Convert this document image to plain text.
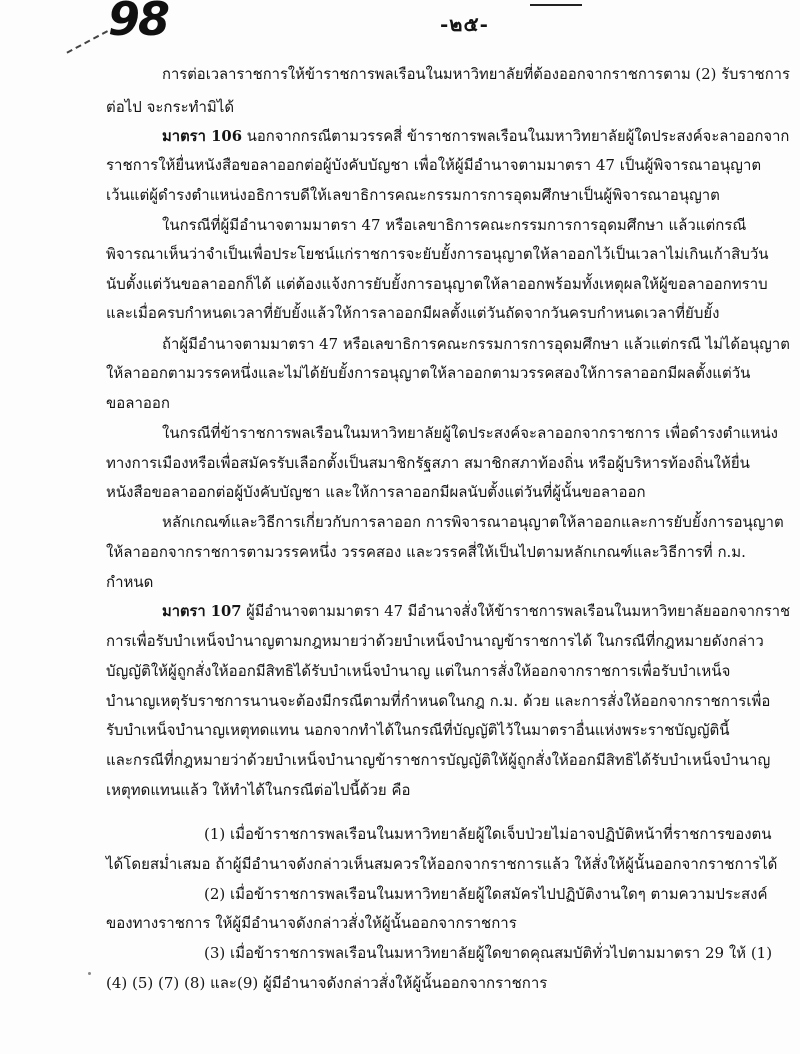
98	-๒๕-
การต่อเวลาราชการให้ข้าราชการพลเรือนในมหาวิทยาลัยที่ต้องออกจากราชการตาม (2) รับราชการ
ต่อไป จะกระทำมิได้
มาตรา 106 นอกจากกรณีตามวรรคสี่ ข้าราชการพลเรือนในมหาวิทยาลัยผู้ใดประสงค์จะลาออกจาก
ราชการให้ยื่นหนังสือขอลาออกต่อผู้บังคับบัญชา เพื่อให้ผู้มีอำนาจตามมาตรา 47 เป็นผู้พิจารณาอนุญาต
เว้นแต่ผู้ดำรงตำแหน่งอธิการบดีให้เลขาธิการคณะกรรมการการอุดมศึกษาเป็นผู้พิจารณาอนุญาต
ในกรณีที่ผู้มีอำนาจตามมาตรา 47 หรือเลขาธิการคณะกรรมการการอุดมศึกษา แล้วแต่กรณี
พิจารณาเห็นว่าจำเป็นเพื่อประโยชน์แก่ราชการจะยับยั้งการอนุญาตให้ลาออกไว้เป็นเวลาไม่เกินเก้าสิบวัน
นับตั้งแต่วันขอลาออกก็ได้ แต่ต้องแจ้งการยับยั้งการอนุญาตให้ลาออกพร้อมทั้งเหตุผลให้ผู้ขอลาออกทราบ
และเมื่อครบกำหนดเวลาที่ยับยั้งแล้วให้การลาออกมีผลตั้งแต่วันถัดจากวันครบกำหนดเวลาที่ยับยั้ง
ถ้าผู้มีอำนาจตามมาตรา 47 หรือเลขาธิการคณะกรรมการการอุดมศึกษา แล้วแต่กรณี ไม่ได้อนุญาต
ให้ลาออกตามวรรคหนึ่งและไม่ได้ยับยั้งการอนุญาตให้ลาออกตามวรรคสองให้การลาออกมีผลตั้งแต่วัน
ขอลาออก
ในกรณีที่ข้าราชการพลเรือนในมหาวิทยาลัยผู้ใดประสงค์จะลาออกจากราชการ เพื่อดำรงตำแหน่ง
ทางการเมืองหรือเพื่อสมัครรับเลือกตั้งเป็นสมาชิกรัฐสภา สมาชิกสภาท้องถิ่น หรือผู้บริหารท้องถิ่นให้ยื่น
หนังสือขอลาออกต่อผู้บังคับบัญชา และให้การลาออกมีผลนับตั้งแต่วันที่ผู้นั้นขอลาออก
หลักเกณฑ์และวิธีการเกี่ยวกับการลาออก การพิจารณาอนุญาตให้ลาออกและการยับยั้งการอนุญาต
ให้ลาออกจากราชการตามวรรคหนึ่ง วรรคสอง และวรรคสี่ให้เป็นไปตามหลักเกณฑ์และวิธีการที่ ก.ม.
กำหนด
มาตรา 107 ผู้มีอำนาจตามมาตรา 47 มีอำนาจสั่งให้ข้าราชการพลเรือนในมหาวิทยาลัยออกจากราช
การเพื่อรับบำเหน็จบำนาญตามกฎหมายว่าด้วยบำเหน็จบำนาญข้าราชการได้ ในกรณีที่กฎหมายดังกล่าว
บัญญัติให้ผู้ถูกสั่งให้ออกมีสิทธิได้รับบำเหน็จบำนาญ แต่ในการสั่งให้ออกจากราชการเพื่อรับบำเหน็จ
บำนาญเหตุรับราชการนานจะต้องมีกรณีตามที่กำหนดในกฎ ก.ม. ด้วย และการสั่งให้ออกจากราชการเพื่อ
รับบำเหน็จบำนาญเหตุทดแทน นอกจากทำได้ในกรณีที่บัญญัติไว้ในมาตราอื่นแห่งพระราชบัญญัตินี้
และกรณีที่กฎหมายว่าด้วยบำเหน็จบำนาญข้าราชการบัญญัติให้ผู้ถูกสั่งให้ออกมีสิทธิได้รับบำเหน็จบำนาญ
เหตุทดแทนแล้ว ให้ทำได้ในกรณีต่อไปนี้ด้วย คือ
(1) เมื่อข้าราชการพลเรือนในมหาวิทยาลัยผู้ใดเจ็บป่วยไม่อาจปฏิบัติหน้าที่ราชการของตน
ได้โดยสม่ำเสมอ ถ้าผู้มีอำนาจดังกล่าวเห็นสมควรให้ออกจากราชการแล้ว ให้สั่งให้ผู้นั้นออกจากราชการได้
(2) เมื่อข้าราชการพลเรือนในมหาวิทยาลัยผู้ใดสมัครไปปฏิบัติงานใดๆ ตามความประสงค์
ของทางราชการ ให้ผู้มีอำนาจดังกล่าวสั่งให้ผู้นั้นออกจากราชการ
(3) เมื่อข้าราชการพลเรือนในมหาวิทยาลัยผู้ใดขาดคุณสมบัติทั่วไปตามมาตรา 29 ให้ (1)
(4) (5) (7) (8) และ(9) ผู้มีอำนาจดังกล่าวสั่งให้ผู้นั้นออกจากราชการ
